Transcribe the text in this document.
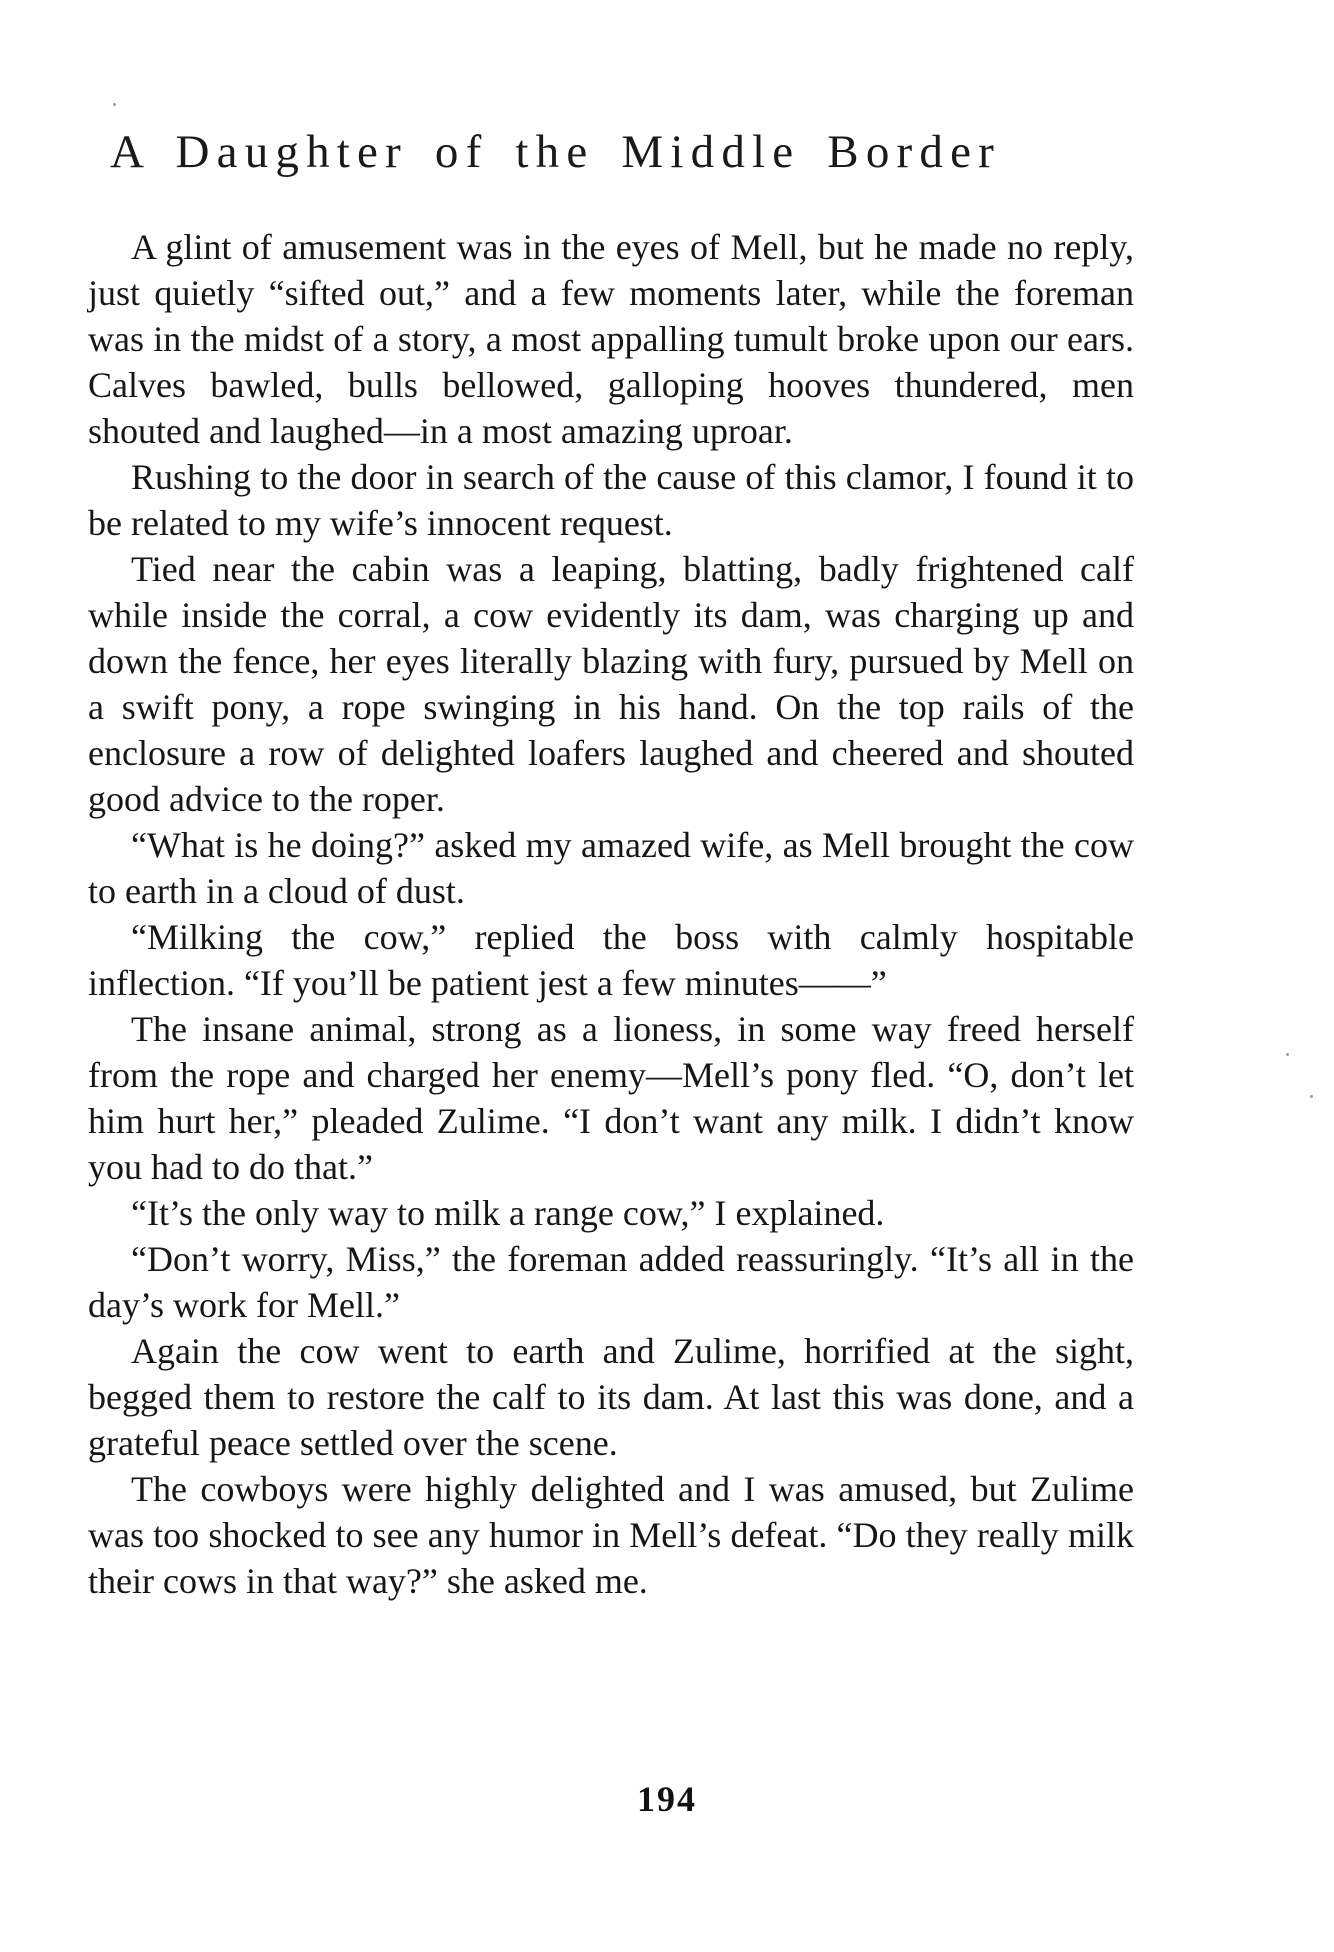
A Daughter of the Middle Border

A glint of amusement was in the eyes of Mell, but he made no reply, just quietly “sifted out,” and a few moments later, while the foreman was in the midst of a story, a most appalling tumult broke upon our ears. Calves bawled, bulls bellowed, galloping hooves thundered, men shouted and laughed—in a most amazing uproar.

Rushing to the door in search of the cause of this clamor, I found it to be related to my wife’s innocent request.

Tied near the cabin was a leaping, blatting, badly frightened calf while inside the corral, a cow evidently its dam, was charging up and down the fence, her eyes literally blazing with fury, pursued by Mell on a swift pony, a rope swinging in his hand. On the top rails of the enclosure a row of delighted loafers laughed and cheered and shouted good advice to the roper.

“What is he doing?” asked my amazed wife, as Mell brought the cow to earth in a cloud of dust.

“Milking the cow,” replied the boss with calmly hospitable inflection. “If you’ll be patient jest a few minutes——”

The insane animal, strong as a lioness, in some way freed herself from the rope and charged her enemy—Mell’s pony fled. “O, don’t let him hurt her,” pleaded Zulime. “I don’t want any milk. I didn’t know you had to do that.”

“It’s the only way to milk a range cow,” I explained.

“Don’t worry, Miss,” the foreman added reassuringly. “It’s all in the day’s work for Mell.”

Again the cow went to earth and Zulime, horrified at the sight, begged them to restore the calf to its dam. At last this was done, and a grateful peace settled over the scene.

The cowboys were highly delighted and I was amused, but Zulime was too shocked to see any humor in Mell’s defeat. “Do they really milk their cows in that way?” she asked me.

194
